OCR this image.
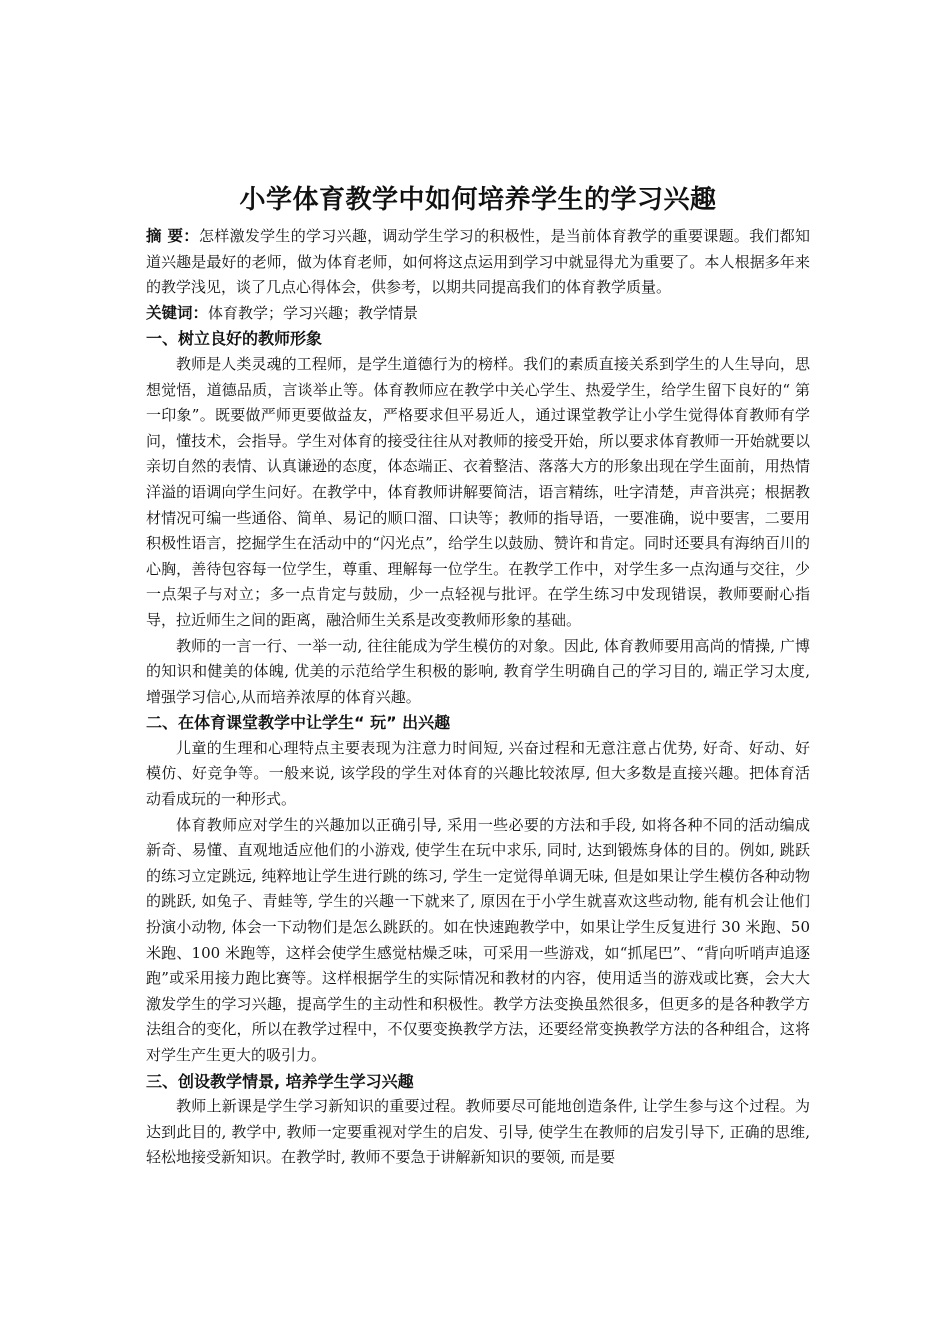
小学体育教学中如何培养学生的学习兴趣

摘 要：怎样激发学生的学习兴趣，调动学生学习的积极性，是当前体育教学的重要课题。我们都知道兴趣是最好的老师，做为体育老师，如何将这点运用到学习中就显得尤为重要了。本人根据多年来的教学浅见，谈了几点心得体会，供参考，以期共同提高我们的体育教学质量。

关键词：体育教学；学习兴趣；教学情景

一、树立良好的教师形象

教师是人类灵魂的工程师，是学生道德行为的榜样。我们的素质直接关系到学生的人生导向，思想觉悟，道德品质，言谈举止等。体育教师应在教学中关心学生、热爱学生，给学生留下良好的“ 第一印象”。既要做严师更要做益友，严格要求但平易近人，通过课堂教学让小学生觉得体育教师有学问，懂技术，会指导。学生对体育的接受往往从对教师的接受开始，所以要求体育教师一开始就要以亲切自然的表情、认真谦逊的态度，体态端正、衣着整洁、落落大方的形象出现在学生面前，用热情洋溢的语调向学生问好。在教学中，体育教师讲解要简洁，语言精练，吐字清楚，声音洪亮；根据教材情况可编一些通俗、简单、易记的顺口溜、口诀等；教师的指导语，一要准确，说中要害，二要用积极性语言，挖掘学生在活动中的“闪光点”，给学生以鼓励、赞许和肯定。同时还要具有海纳百川的心胸，善待包容每一位学生，尊重、理解每一位学生。在教学工作中，对学生多一点沟通与交往，少一点架子与对立；多一点肯定与鼓励，少一点轻视与批评。在学生练习中发现错误，教师要耐心指导，拉近师生之间的距离，融洽师生关系是改变教师形象的基础。

教师的一言一行、一举一动, 往往能成为学生模仿的对象。因此, 体育教师要用高尚的情操, 广博的知识和健美的体魄, 优美的示范给学生积极的影响, 教育学生明确自己的学习目的, 端正学习太度, 增强学习信心,从而培养浓厚的体育兴趣。

二、在体育课堂教学中让学生“ 玩” 出兴趣

儿童的生理和心理特点主要表现为注意力时间短, 兴奋过程和无意注意占优势, 好奇、好动、好模仿、好竞争等。一般来说, 该学段的学生对体育的兴趣比较浓厚, 但大多数是直接兴趣。把体育活动看成玩的一种形式。

体育教师应对学生的兴趣加以正确引导, 采用一些必要的方法和手段, 如将各种不同的活动编成新奇、易懂、直观地适应他们的小游戏, 使学生在玩中求乐, 同时, 达到锻炼身体的目的。例如, 跳跃的练习立定跳远, 纯粹地让学生进行跳的练习, 学生一定觉得单调无味, 但是如果让学生模仿各种动物的跳跃, 如兔子、青蛙等, 学生的兴趣一下就来了, 原因在于小学生就喜欢这些动物, 能有机会让他们扮演小动物, 体会一下动物们是怎么跳跃的。如在快速跑教学中，如果让学生反复进行 30 米跑、50 米跑、100 米跑等，这样会使学生感觉枯燥乏味，可采用一些游戏，如“抓尾巴”、“背向听哨声追逐跑”或采用接力跑比赛等。这样根据学生的实际情况和教材的内容，使用适当的游戏或比赛，会大大激发学生的学习兴趣，提高学生的主动性和积极性。教学方法变换虽然很多，但更多的是各种教学方法组合的变化，所以在教学过程中，不仅要变换教学方法，还要经常变换教学方法的各种组合，这将对学生产生更大的吸引力。

三、创设教学情景, 培养学生学习兴趣

教师上新课是学生学习新知识的重要过程。教师要尽可能地创造条件, 让学生参与这个过程。为达到此目的, 教学中, 教师一定要重视对学生的启发、引导, 使学生在教师的启发引导下, 正确的思维, 轻松地接受新知识。在教学时, 教师不要急于讲解新知识的要领, 而是要
